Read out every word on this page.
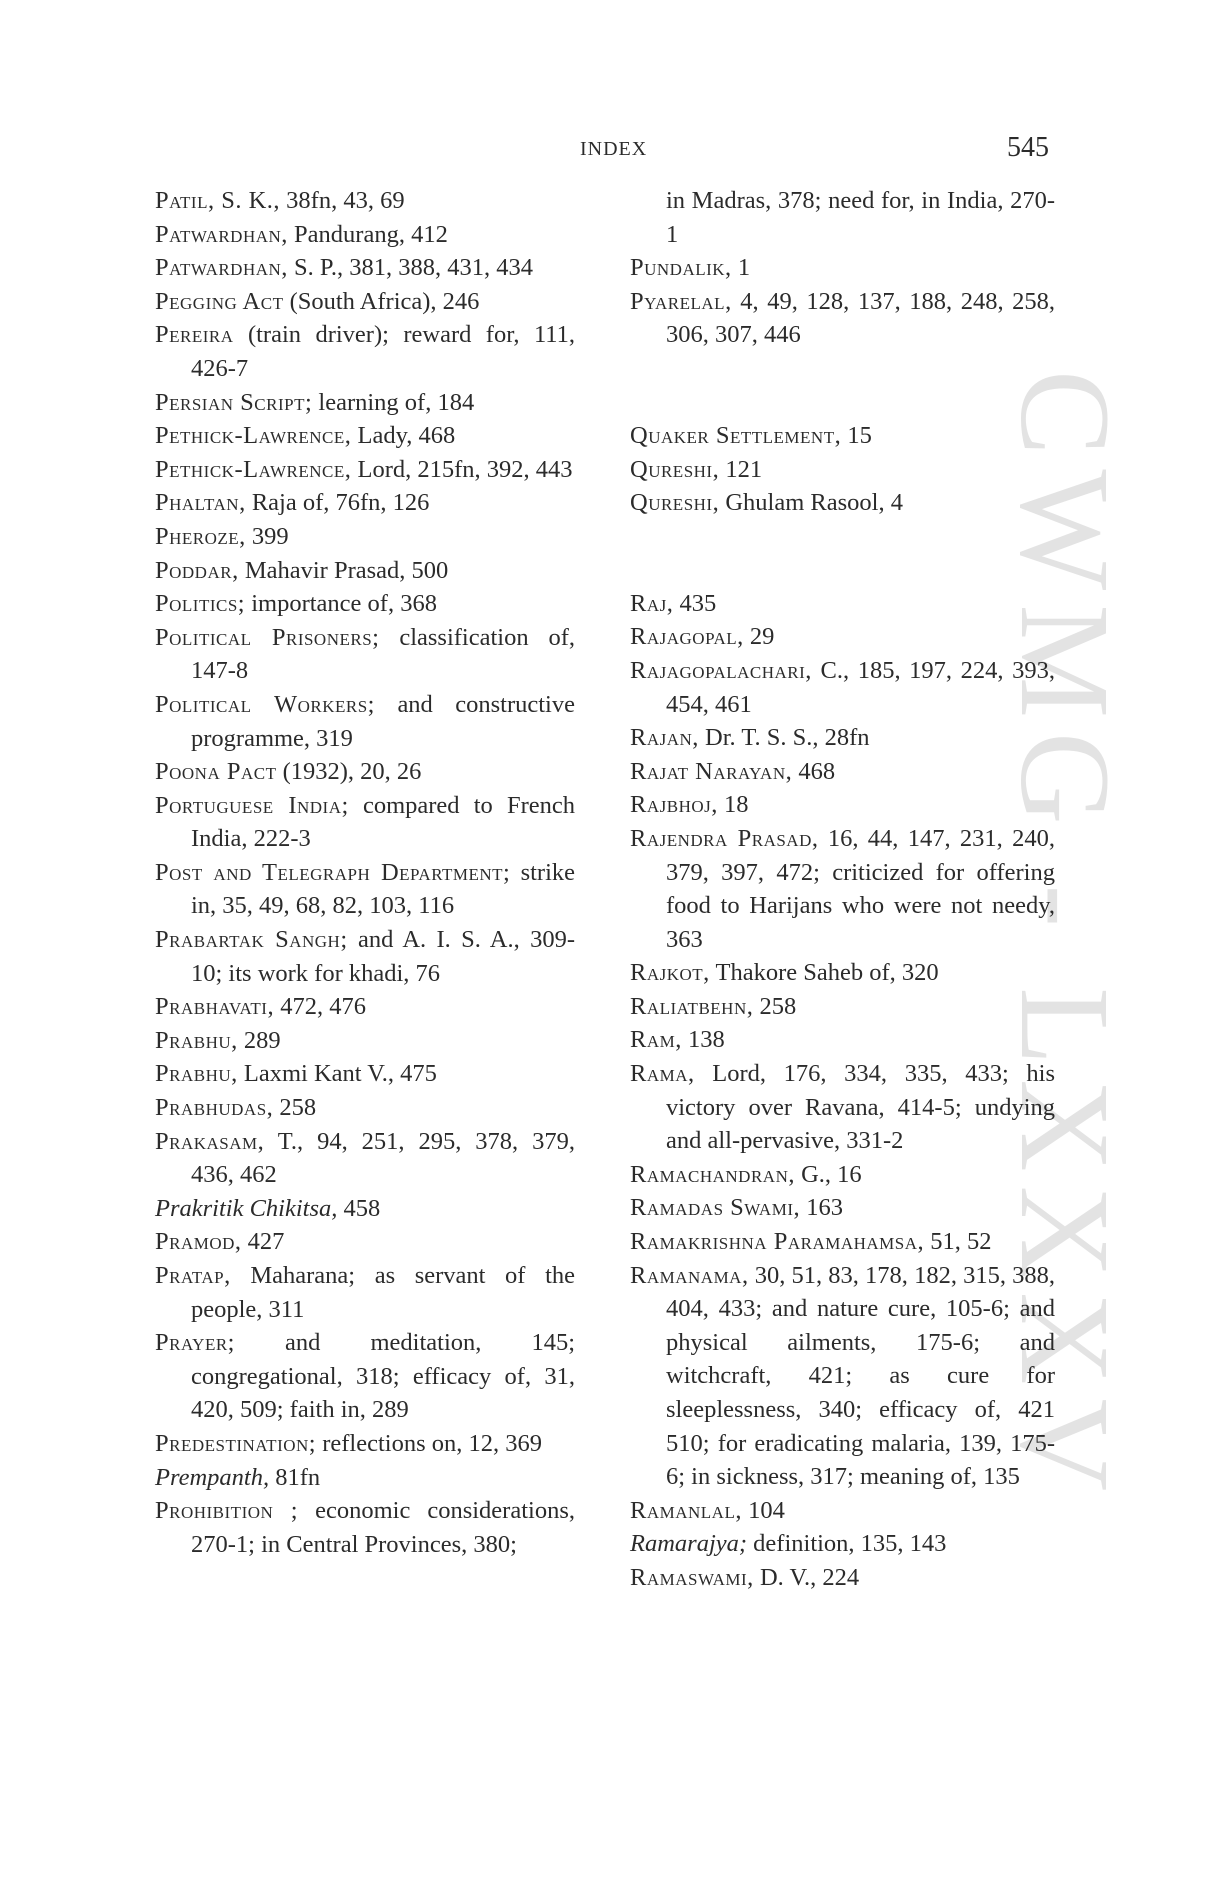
CWMG - LXXXV
INDEX	545
Patil, S. K., 38fn, 43, 69
Patwardhan, Pandurang, 412
Patwardhan, S. P., 381, 388, 431, 434
Pegging Act (South Africa), 246
Pereira (train driver); reward for, 111, 426-7
Persian Script; learning of, 184
Pethick-Lawrence, Lady, 468
Pethick-Lawrence, Lord, 215fn, 392, 443
Phaltan, Raja of, 76fn, 126
Pheroze, 399
Poddar, Mahavir Prasad, 500
Politics; importance of, 368
Political Prisoners; classification of, 147-8
Political Workers; and constructive programme, 319
Poona Pact (1932), 20, 26
Portuguese India; compared to French India, 222-3
Post and Telegraph Department; strike in, 35, 49, 68, 82, 103, 116
Prabartak Sangh; and A. I. S. A., 309-10; its work for khadi, 76
Prabhavati, 472, 476
Prabhu, 289
Prabhu, Laxmi Kant V., 475
Prabhudas, 258
Prakasam, T., 94, 251, 295, 378, 379, 436, 462
Prakritik Chikitsa, 458
Pramod, 427
Pratap, Maharana; as servant of the people, 311
Prayer; and meditation, 145; congregational, 318; efficacy of, 31, 420, 509; faith in, 289
Predestination; reflections on, 12, 369
Prempanth, 81fn
Prohibition ; economic considerations, 270-1; in Central Provinces, 380;
in Madras, 378; need for, in India, 270-1
Pundalik, 1
Pyarelal, 4, 49, 128, 137, 188, 248, 258, 306, 307, 446
Quaker Settlement, 15
Qureshi, 121
Qureshi, Ghulam Rasool, 4
Raj, 435
Rajagopal, 29
Rajagopalachari, C., 185, 197, 224, 393, 454, 461
Rajan, Dr. T. S. S., 28fn
Rajat Narayan, 468
Rajbhoj, 18
Rajendra Prasad, 16, 44, 147, 231, 240, 379, 397, 472; criticized for offering food to Harijans who were not needy, 363
Rajkot, Thakore Saheb of, 320
Raliatbehn, 258
Ram, 138
Rama, Lord, 176, 334, 335, 433; his victory over Ravana, 414-5; undying and all-pervasive, 331-2
Ramachandran, G., 16
Ramadas Swami, 163
Ramakrishna Paramahamsa, 51, 52
Ramanama, 30, 51, 83, 178, 182, 315, 388, 404, 433; and nature cure, 105-6; and physical ailments, 175-6; and witchcraft, 421; as cure for sleeplessness, 340; efficacy of, 421 510; for eradicating malaria, 139, 175-6; in sickness, 317; meaning of, 135
Ramanlal, 104
Ramarajya; definition, 135, 143
Ramaswami, D. V., 224
